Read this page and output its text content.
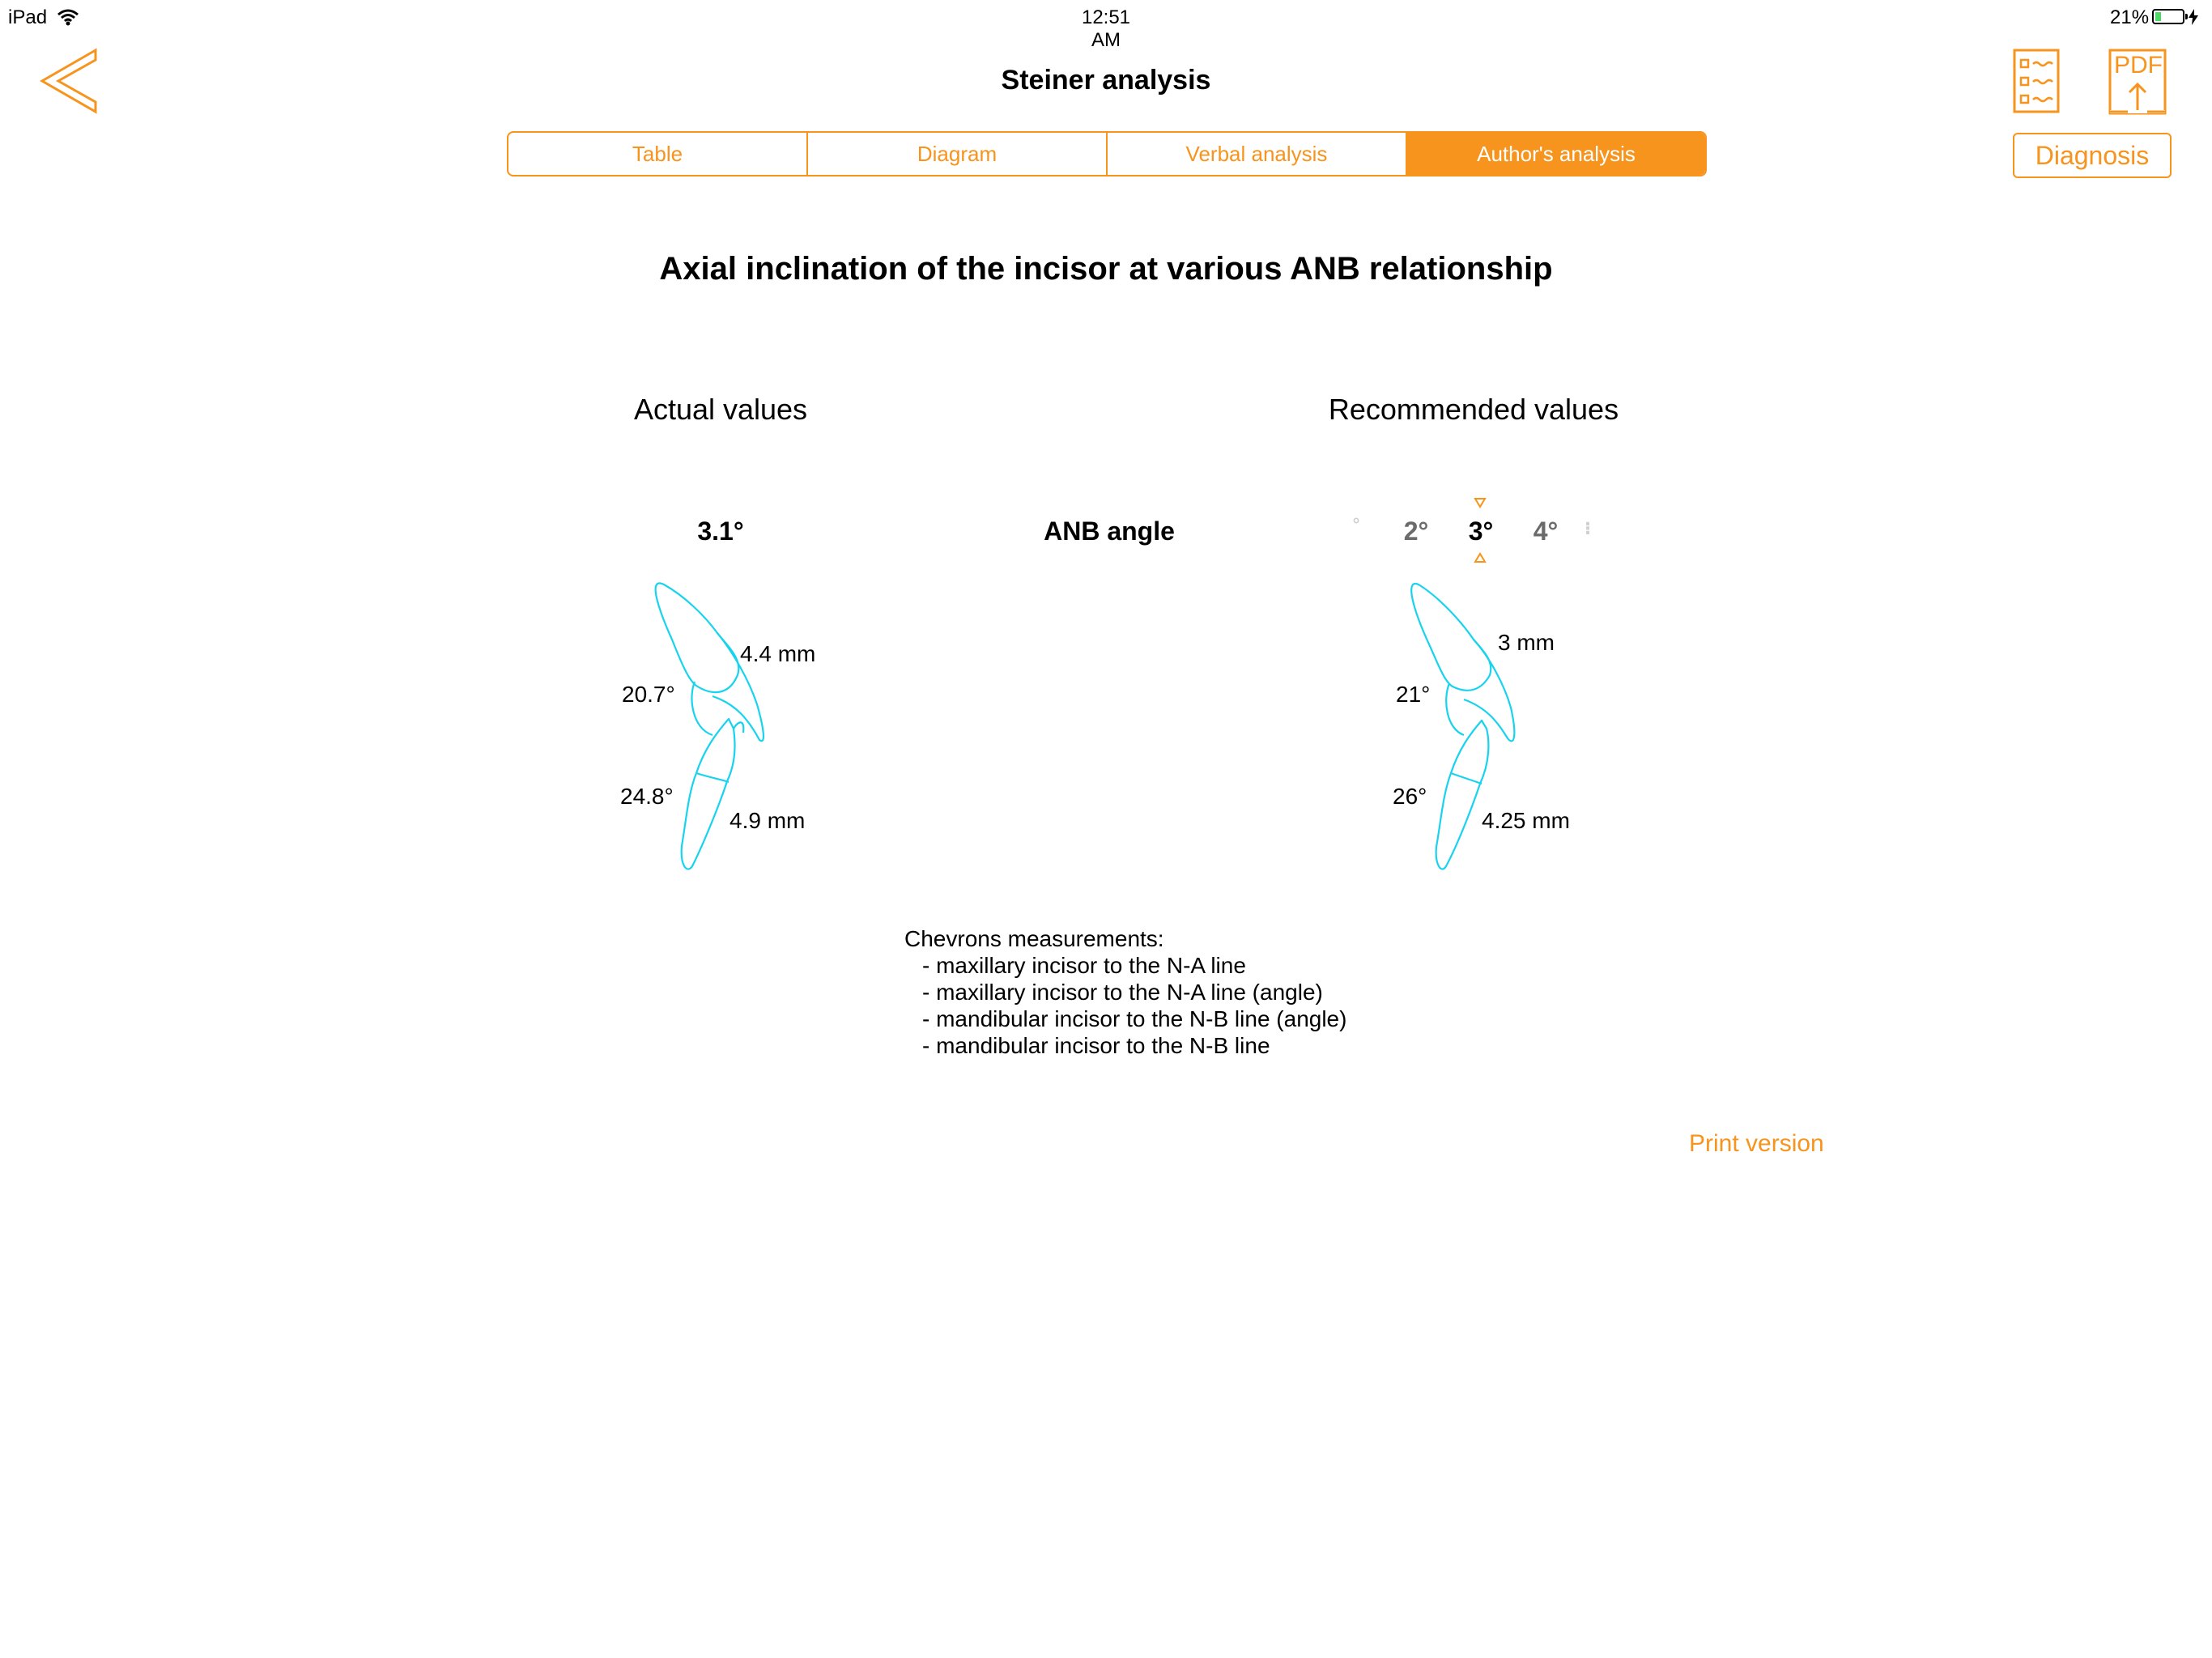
iPad	12:51 AM
21%
Steiner analysis	PDF
Table	Diagram	Verbal analysis	Author's analysis	Diagnosis
Axial inclination of the incisor at various ANB relationship
Actual values	Recommended values
3.1°	ANB angle	°	2°	3°	4°	⁝
4.4 mm
20.7°
24.8°
4.9 mm
3 mm
21°
26°
4.25 mm
Chevrons measurements:
- maxillary incisor to the N-A line
- maxillary incisor to the N-A line (angle)
- mandibular incisor to the N-B line (angle)
- mandibular incisor to the N-B line
Print version
